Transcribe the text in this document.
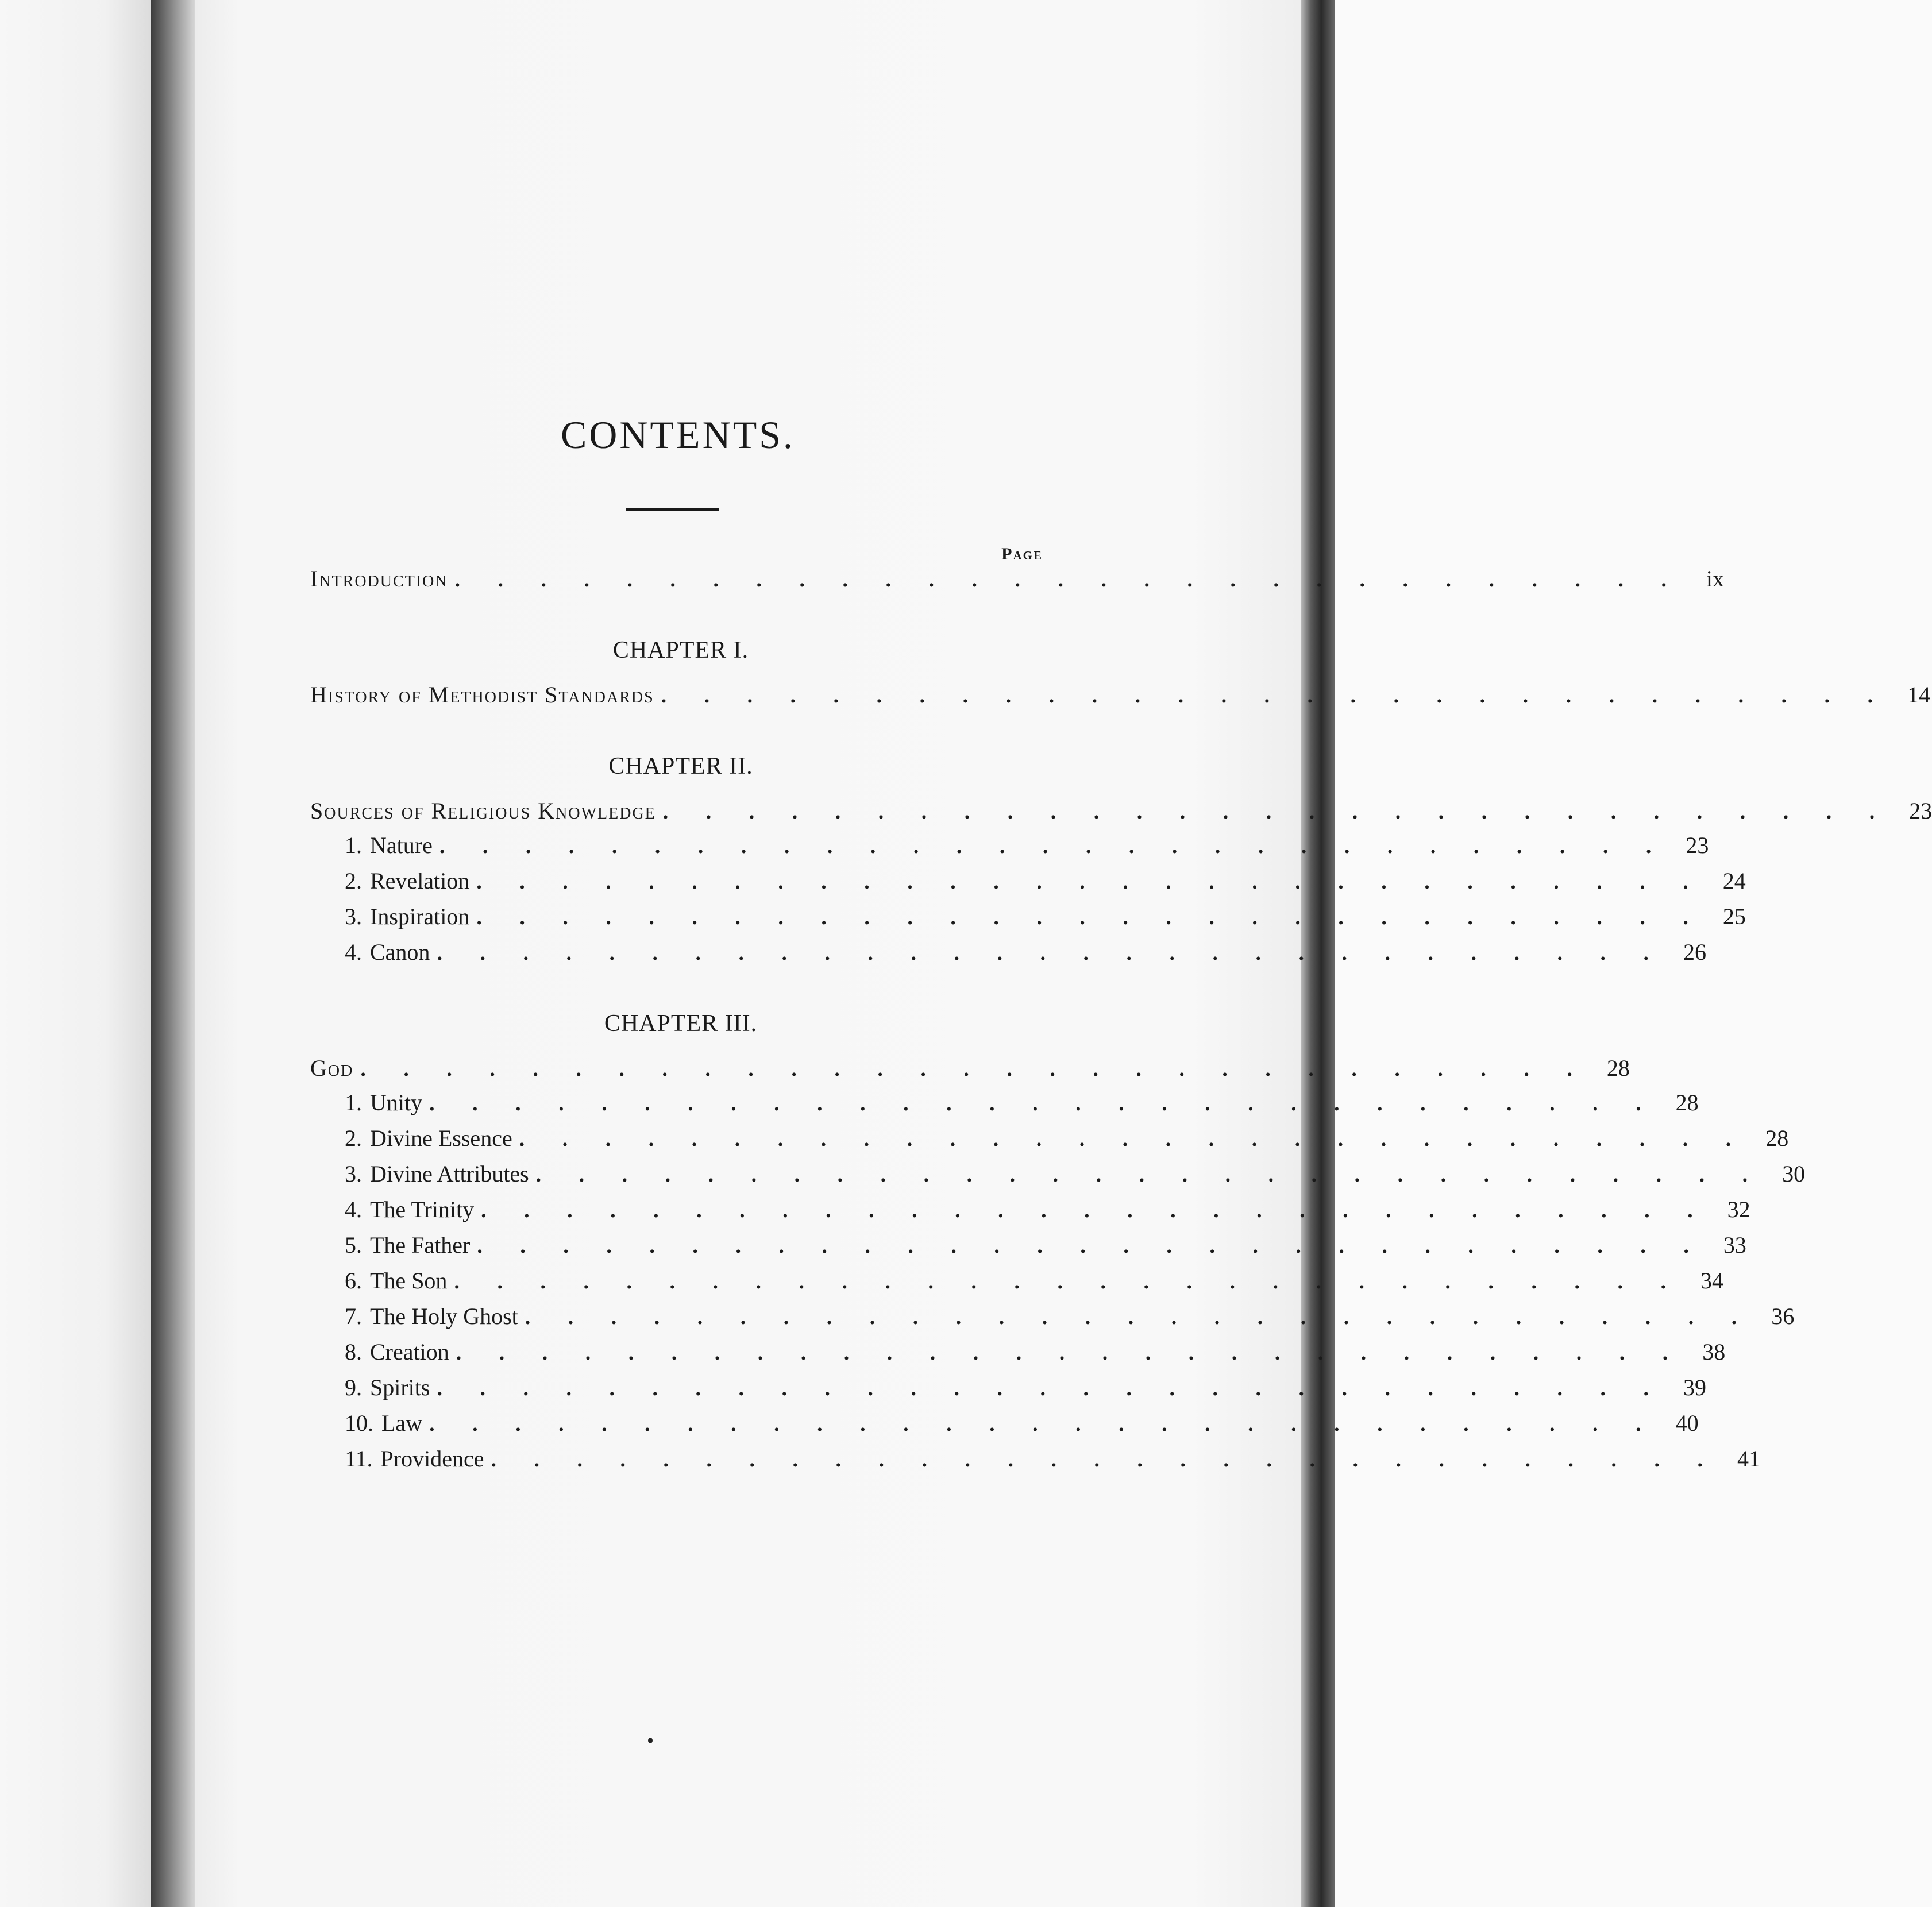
CONTENTS.
Page
Introduction . . . . . . . . . . . . . . . . . . . . . . . . . . . . .	ix
CHAPTER I.
History of Methodist Standards . . . . . . . . . . . . . . . . . . . . . . . . . . . . . 14
CHAPTER II.
Sources of Religious Knowledge . . . . . . . . . . . . . . . . . . . . . . . . . . . . . 23
1. Nature . . . . . . . . . . . . . . . . . . . . . . . . . . . . . 23
2. Revelation . . . . . . . . . . . . . . . . . . . . . . . . . . . . . 24
3. Inspiration . . . . . . . . . . . . . . . . . . . . . . . . . . . . . 25
4. Canon . . . . . . . . . . . . . . . . . . . . . . . . . . . . . 26
CHAPTER III.
God . . . . . . . . . . . . . . . . . . . . . . . . . . . . . 28
1. Unity . . . . . . . . . . . . . . . . . . . . . . . . . . . . . 28
2. Divine Essence . . . . . . . . . . . . . . . . . . . . . . . . . . . . . 28
3. Divine Attributes . . . . . . . . . . . . . . . . . . . . . . . . . . . . . 30
4. The Trinity . . . . . . . . . . . . . . . . . . . . . . . . . . . . . 32
5. The Father . . . . . . . . . . . . . . . . . . . . . . . . . . . . . 33
6. The Son . . . . . . . . . . . . . . . . . . . . . . . . . . . . . 34
7. The Holy Ghost . . . . . . . . . . . . . . . . . . . . . . . . . . . . . 36
8. Creation . . . . . . . . . . . . . . . . . . . . . . . . . . . . . 38
9. Spirits . . . . . . . . . . . . . . . . . . . . . . . . . . . . . 39
10. Law . . . . . . . . . . . . . . . . . . . . . . . . . . . . . 40
11. Providence . . . . . . . . . . . . . . . . . . . . . . . . . . . . . 41
